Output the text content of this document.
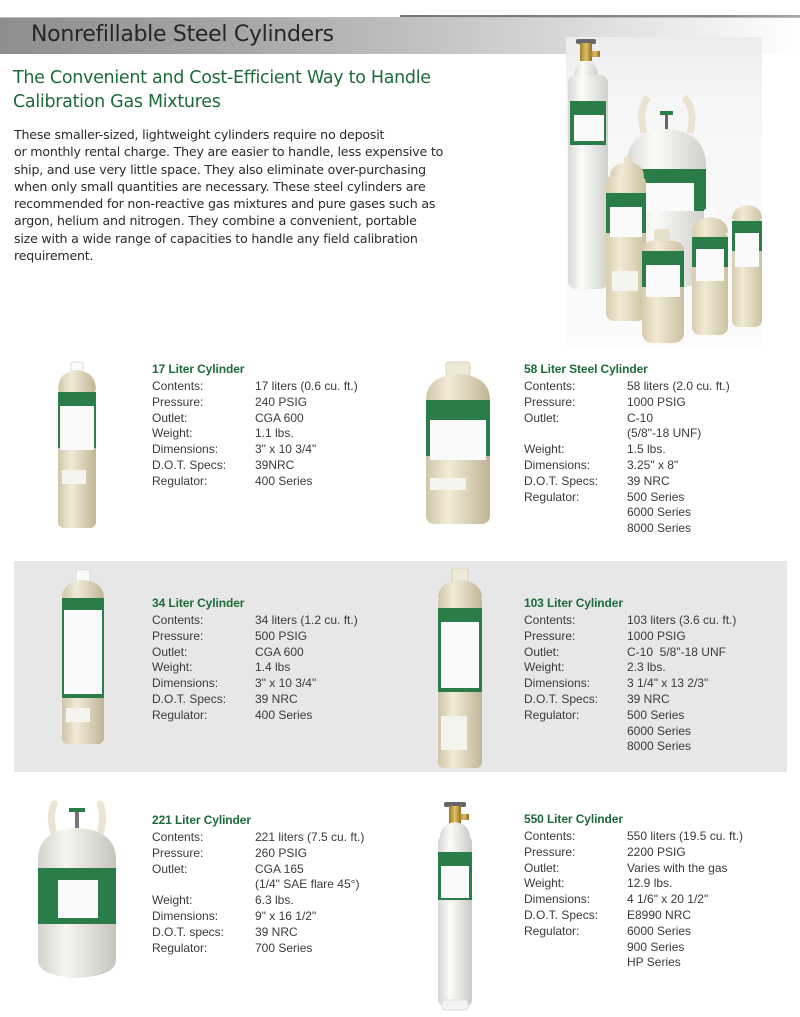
Nonrefillable Steel Cylinders
The Convenient and Cost-Efficient Way to Handle
Calibration Gas Mixtures
These smaller-sized, lightweight cylinders require no deposit
or monthly rental charge. They are easier to handle, less expensive to
ship, and use very little space. They also eliminate over-purchasing
when only small quantities are necessary. These steel cylinders are
recommended for non-reactive gas mixtures and pure gases such as
argon, helium and nitrogen. They combine a convenient, portable
size with a wide range of capacities to handle any field calibration
requirement.
17 Liter Cylinder
Contents:	17 liters (0.6 cu. ft.)
Pressure:	240 PSIG
Outlet:	CGA 600
Weight:	1.1 lbs.
Dimensions:	3" x 10 3/4"
D.O.T. Specs:	39NRC
Regulator:	400 Series
58 Liter Steel Cylinder
Contents:	58 liters (2.0 cu. ft.)
Pressure:	1000 PSIG
Outlet:	C-10
(5/8"-18 UNF)
Weight:	1.5 lbs.
Dimensions:	3.25" x 8"
D.O.T. Specs:	39 NRC
Regulator:	500 Series
6000 Series
8000 Series
34 Liter Cylinder
Contents:	34 liters (1.2 cu. ft.)
Pressure:	500 PSIG
Outlet:	CGA 600
Weight:	1.4 lbs
Dimensions:	3" x 10 3/4"
D.O.T. Specs:	39 NRC
Regulator:	400 Series
103 Liter Cylinder
Contents:	103 liters (3.6 cu. ft.)
Pressure:	1000 PSIG
Outlet:	C-10  5/8"-18 UNF
Weight:	2.3 lbs.
Dimensions:	3 1/4" x 13 2/3"
D.O.T. Specs:	39 NRC
Regulator:	500 Series
6000 Series
8000 Series
221 Liter Cylinder
Contents:	221 liters (7.5 cu. ft.)
Pressure:	260 PSIG
Outlet:	CGA 165
(1/4" SAE flare 45°)
Weight:	6.3 lbs.
Dimensions:	9" x 16 1/2"
D.O.T. specs:	39 NRC
Regulator:	700 Series
550 Liter Cylinder
Contents:	550 liters (19.5 cu. ft.)
Pressure:	2200 PSIG
Outlet:	Varies with the gas
Weight:	12.9 lbs.
Dimensions:	4 1/6" x 20 1/2"
D.O.T. Specs:	E8990 NRC
Regulator:	6000 Series
900 Series
HP Series
